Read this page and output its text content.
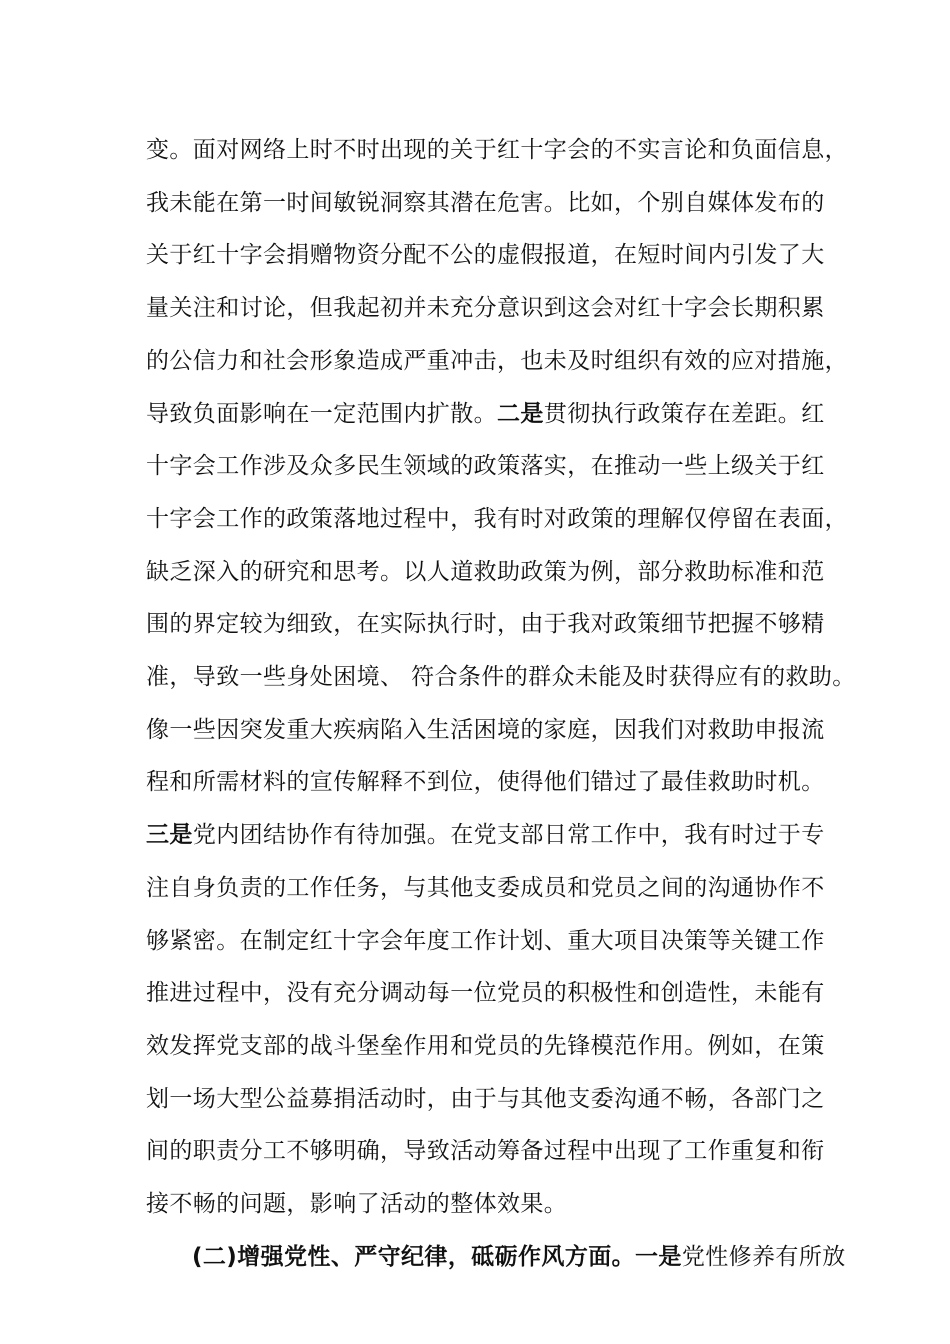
变。面对网络上时不时出现的关于红十字会的不实言论和负面信息，
我未能在第一时间敏锐洞察其潜在危害。比如，个别自媒体发布的
关于红十字会捐赠物资分配不公的虚假报道，在短时间内引发了大
量关注和讨论，但我起初并未充分意识到这会对红十字会长期积累
的公信力和社会形象造成严重冲击，也未及时组织有效的应对措施，
导致负面影响在一定范围内扩散。二是贯彻执行政策存在差距。红
十字会工作涉及众多民生领域的政策落实，在推动一些上级关于红
十字会工作的政策落地过程中，我有时对政策的理解仅停留在表面，
缺乏深入的研究和思考。以人道救助政策为例，部分救助标准和范
围的界定较为细致，在实际执行时，由于我对政策细节把握不够精
准，导致一些身处困境、 符合条件的群众未能及时获得应有的救助。
像一些因突发重大疾病陷入生活困境的家庭，因我们对救助申报流
程和所需材料的宣传解释不到位，使得他们错过了最佳救助时机。
三是党内团结协作有待加强。在党支部日常工作中，我有时过于专
注自身负责的工作任务，与其他支委成员和党员之间的沟通协作不
够紧密。在制定红十字会年度工作计划、重大项目决策等关键工作
推进过程中，没有充分调动每一位党员的积极性和创造性，未能有
效发挥党支部的战斗堡垒作用和党员的先锋模范作用。例如，在策
划一场大型公益募捐活动时，由于与其他支委沟通不畅，各部门之
间的职责分工不够明确，导致活动筹备过程中出现了工作重复和衔
接不畅的问题，影响了活动的整体效果。
(二)增强党性、严守纪律，砥砺作风方面。一是党性修养有所放
